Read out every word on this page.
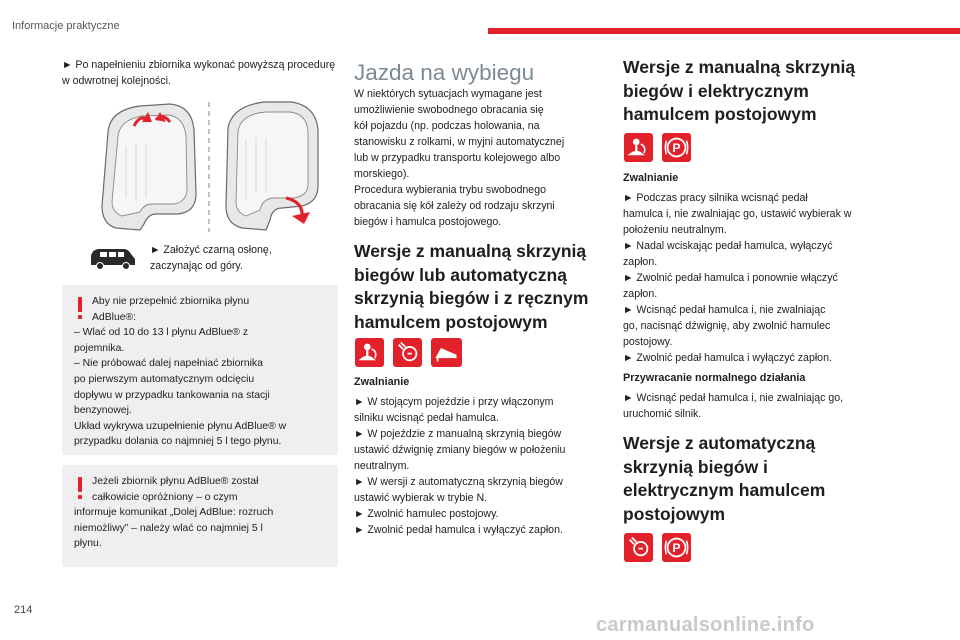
Informacje praktyczne

► Po napełnieniu zbiornika wykonać powyższą procedurę w odwrotnej kolejności.

► Założyć czarną osłonę, zaczynając od góry.

Aby nie przepełnić zbiornika płynu

AdBlue®:

– Wlać od 10 do 13 l płynu AdBlue® z

pojemnika.

– Nie próbować dalej napełniać zbiornika

po pierwszym automatycznym odcięciu

dopływu w przypadku tankowania na stacji

benzynowej.

Układ wykrywa uzupełnienie płynu AdBlue® w

przypadku dolania co najmniej 5 l tego płynu.

Jeżeli zbiornik płynu AdBlue® został

całkowicie opróżniony – o czym

informuje komunikat „Dolej AdBlue: rozruch

niemożliwy” – należy wlać co najmniej 5 l

płynu.

Jazda na wybiegu

W niektórych sytuacjach wymagane jest

umożliwienie swobodnego obracania się

kół pojazdu (np. podczas holowania, na

stanowisku z rolkami, w myjni automatycznej

lub w przypadku transportu kolejowego albo

morskiego).

Procedura wybierania trybu swobodnego

obracania się kół zależy od rodzaju skrzyni

biegów i hamulca postojowego.

Wersje z manualną skrzynią
biegów lub automatyczną
skrzynią biegów i z ręcznym
hamulcem postojowym

Zwalnianie

► W stojącym pojeździe i przy włączonym

silniku wcisnąć pedał hamulca.

► W pojeździe z manualną skrzynią biegów

ustawić dźwignię zmiany biegów w położeniu

neutralnym.

► W wersji z automatyczną skrzynią biegów

ustawić wybierak w trybie N.

► Zwolnić hamulec postojowy.

► Zwolnić pedał hamulca i wyłączyć zapłon.

Wersje z manualną skrzynią
biegów i elektrycznym
hamulcem postojowym
P

Zwalnianie

► Podczas pracy silnika wcisnąć pedał

hamulca i, nie zwalniając go, ustawić wybierak w

położeniu neutralnym.

► Nadal wciskając pedał hamulca, wyłączyć

zapłon.

► Zwolnić pedał hamulca i ponownie włączyć

zapłon.

► Wcisnąć pedał hamulca i, nie zwalniając

go, nacisnąć dźwignię, aby zwolnić hamulec

postojowy.

► Zwolnić pedał hamulca i wyłączyć zapłon.

Przywracanie normalnego działania

► Wcisnąć pedał hamulca i, nie zwalniając go,

uruchomić silnik.

Wersje z automatyczną
skrzynią biegów i
elektrycznym hamulcem
postojowym
P
214
carmanualsonline.info
